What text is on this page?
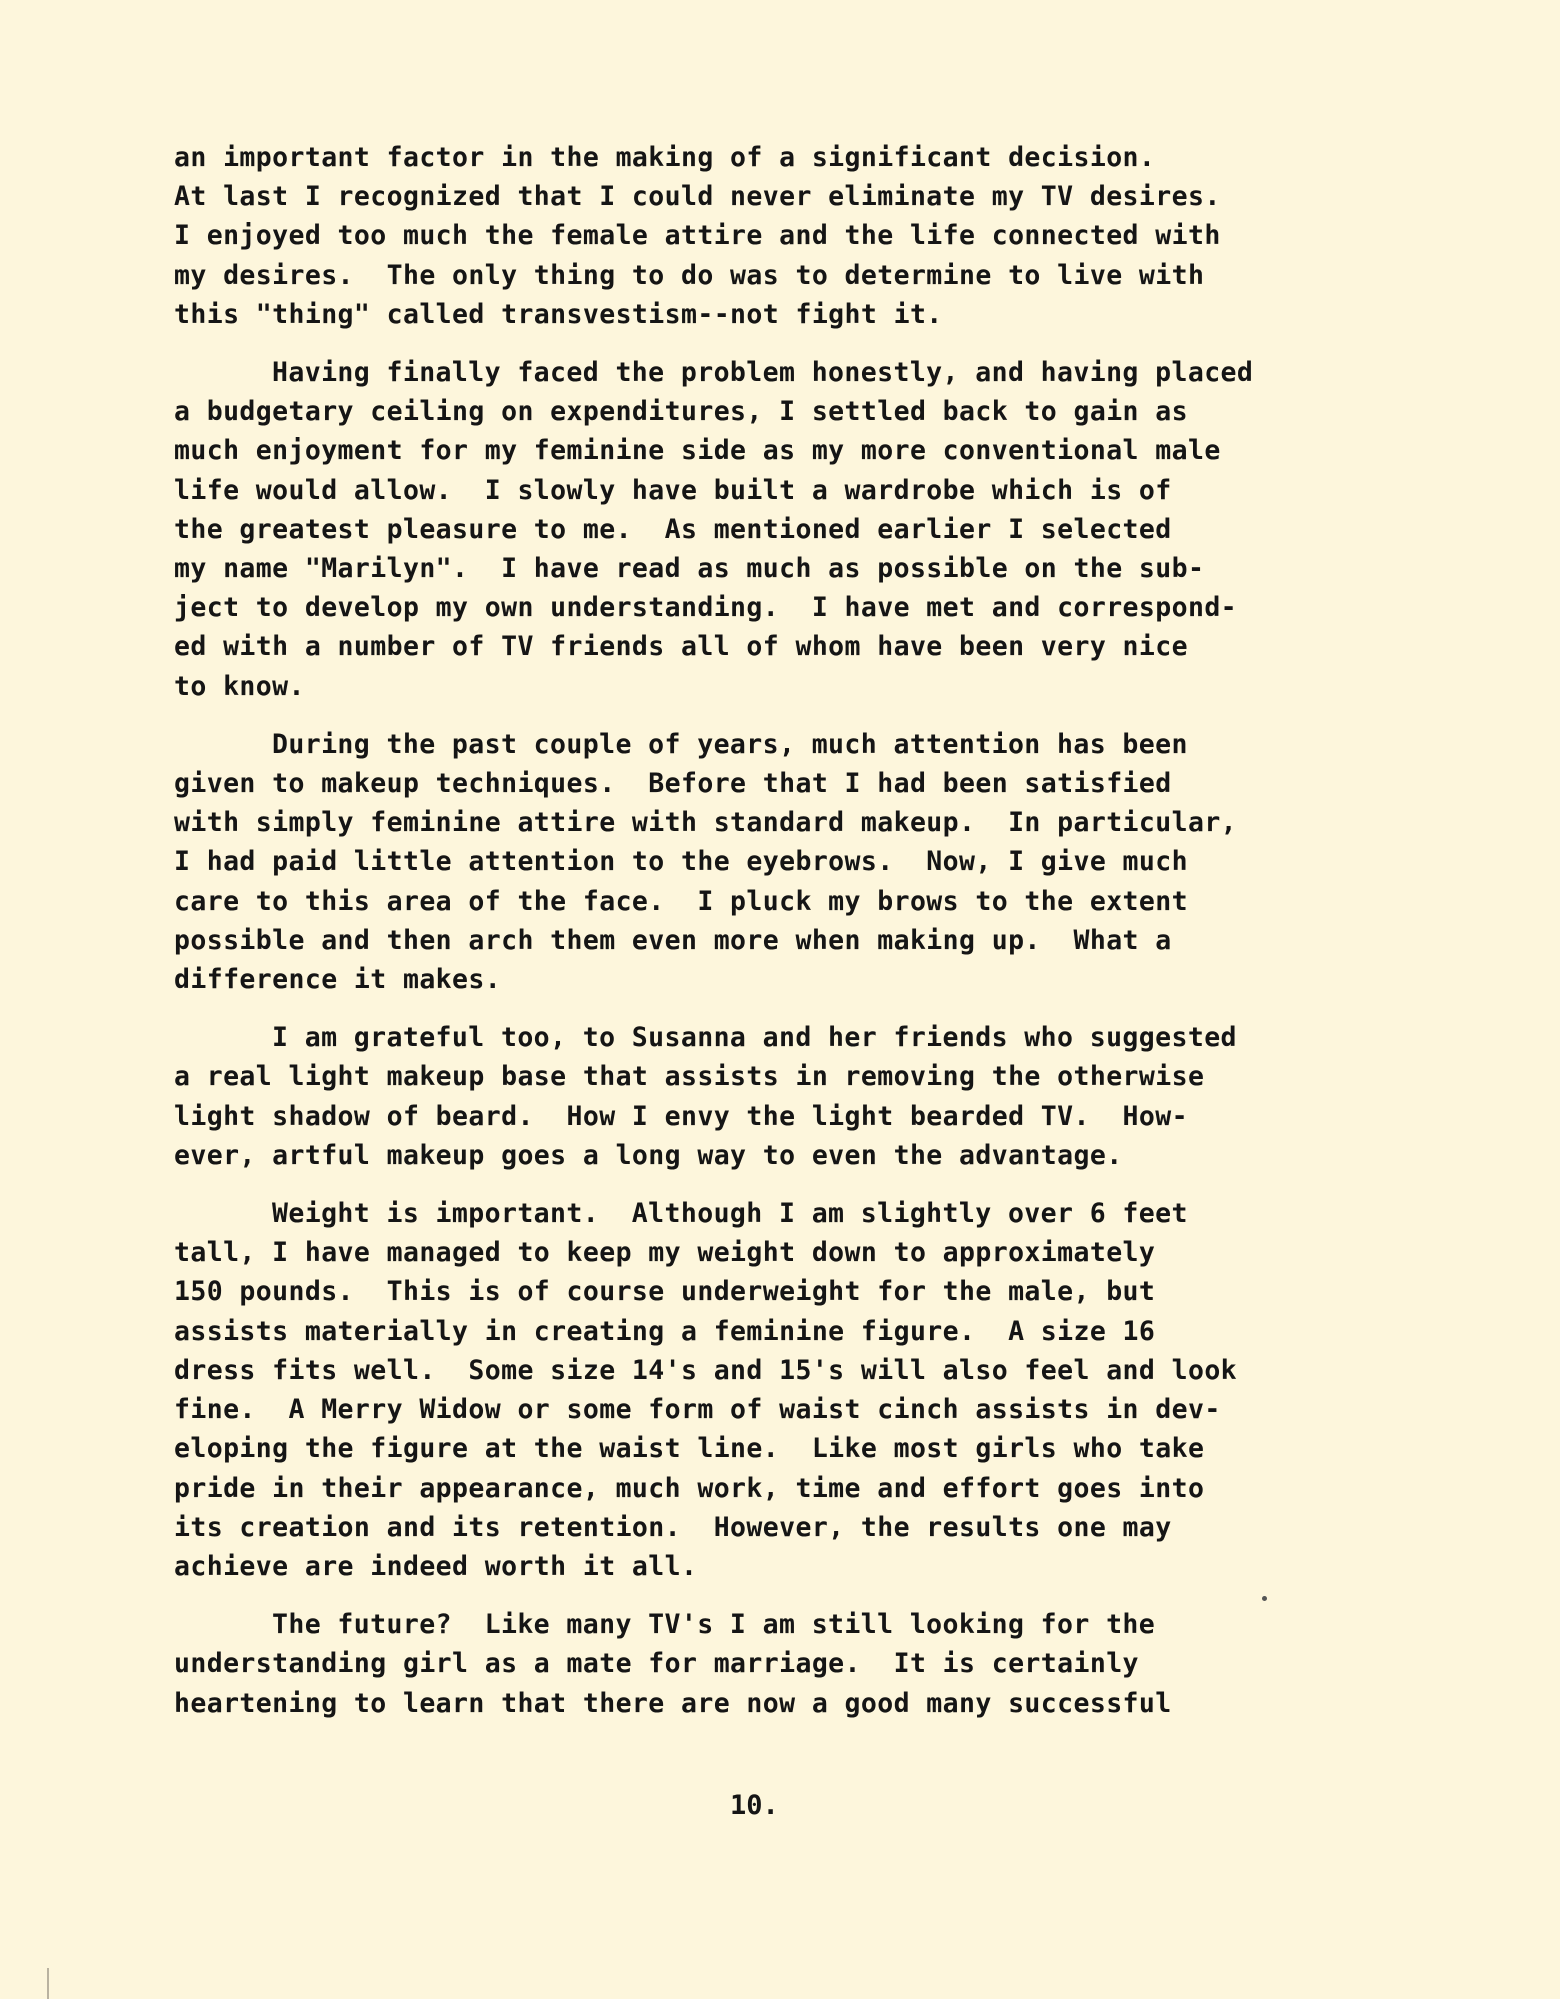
an important factor in the making of a significant decision.
At last I recognized that I could never eliminate my TV desires.
I enjoyed too much the female attire and the life connected with
my desires.  The only thing to do was to determine to live with
this "thing" called transvestism--not fight it.
Having finally faced the problem honestly, and having placed
a budgetary ceiling on expenditures, I settled back to gain as
much enjoyment for my feminine side as my more conventional male
life would allow.  I slowly have built a wardrobe which is of
the greatest pleasure to me.  As mentioned earlier I selected
my name "Marilyn".  I have read as much as possible on the sub-
ject to develop my own understanding.  I have met and correspond-
ed with a number of TV friends all of whom have been very nice
to know.
During the past couple of years, much attention has been
given to makeup techniques.  Before that I had been satisfied
with simply feminine attire with standard makeup.  In particular,
I had paid little attention to the eyebrows.  Now, I give much
care to this area of the face.  I pluck my brows to the extent
possible and then arch them even more when making up.  What a
difference it makes.
I am grateful too, to Susanna and her friends who suggested
a real light makeup base that assists in removing the otherwise
light shadow of beard.  How I envy the light bearded TV.  How-
ever, artful makeup goes a long way to even the advantage.
Weight is important.  Although I am slightly over 6 feet
tall, I have managed to keep my weight down to approximately
150 pounds.  This is of course underweight for the male, but
assists materially in creating a feminine figure.  A size 16
dress fits well.  Some size 14's and 15's will also feel and look
fine.  A Merry Widow or some form of waist cinch assists in dev-
eloping the figure at the waist line.  Like most girls who take
pride in their appearance, much work, time and effort goes into
its creation and its retention.  However, the results one may
achieve are indeed worth it all.
The future?  Like many TV's I am still looking for the
understanding girl as a mate for marriage.  It is certainly
heartening to learn that there are now a good many successful
10.
